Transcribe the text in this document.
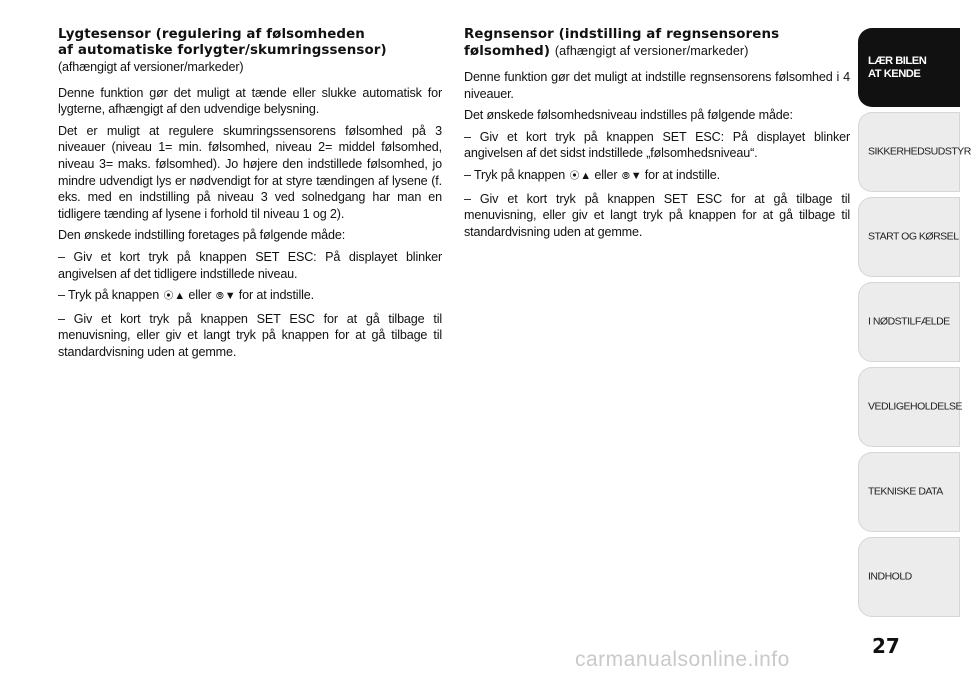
Lygtesensor (regulering af følsomheden
af automatiske forlygter/skumringssensor)
(afhængigt af versioner/markeder)

Denne funktion gør det muligt at tænde eller slukke automatisk for lygterne, afhængigt af den udvendige belysning.

Det er muligt at regulere skumringssensorens følsomhed på 3 niveauer (niveau 1= min. følsomhed, niveau 2= middel følsomhed, niveau 3= maks. følsomhed). Jo højere den indstillede følsomhed, jo mindre udvendigt lys er nødvendigt for at styre tændingen af lysene (f. eks. med en indstilling på niveau 3 ved solnedgang har man en tidligere tænding af lysene i forhold til niveau 1 og 2).

Den ønskede indstilling foretages på følgende måde:

– Giv et kort tryk på knappen SET ESC: På displayet blinker angivelsen af det tidligere indstillede niveau.

– Tryk på knappen ⦿▲ eller ⦾▼ for at indstille.

– Giv et kort tryk på knappen SET ESC for at gå tilbage til menuvisning, eller giv et langt tryk på knappen for at gå tilbage til standardvisning uden at gemme.

Regnsensor (indstilling af regnsensorens
følsomhed) (afhængigt af versioner/markeder)

Denne funktion gør det muligt at indstille regnsensorens følsomhed i 4 niveauer.

Det ønskede følsomhedsniveau indstilles på følgende måde:

– Giv et kort tryk på knappen SET ESC: På displayet blinker angivelsen af det sidst indstillede „følsomhedsniveau“.

– Tryk på knappen ⦿▲ eller ⦾▼ for at indstille.

– Giv et kort tryk på knappen SET ESC for at gå tilbage til menuvisning, eller giv et langt tryk på knappen for at gå tilbage til standardvisning uden at gemme.

LÆR BILEN
AT KENDE
SIKKERHEDSUDSTYR
START OG KØRSEL
I NØDSTILFÆLDE
VEDLIGEHOLDELSE
TEKNISKE DATA
INDHOLD
27
carmanualsonline.info
